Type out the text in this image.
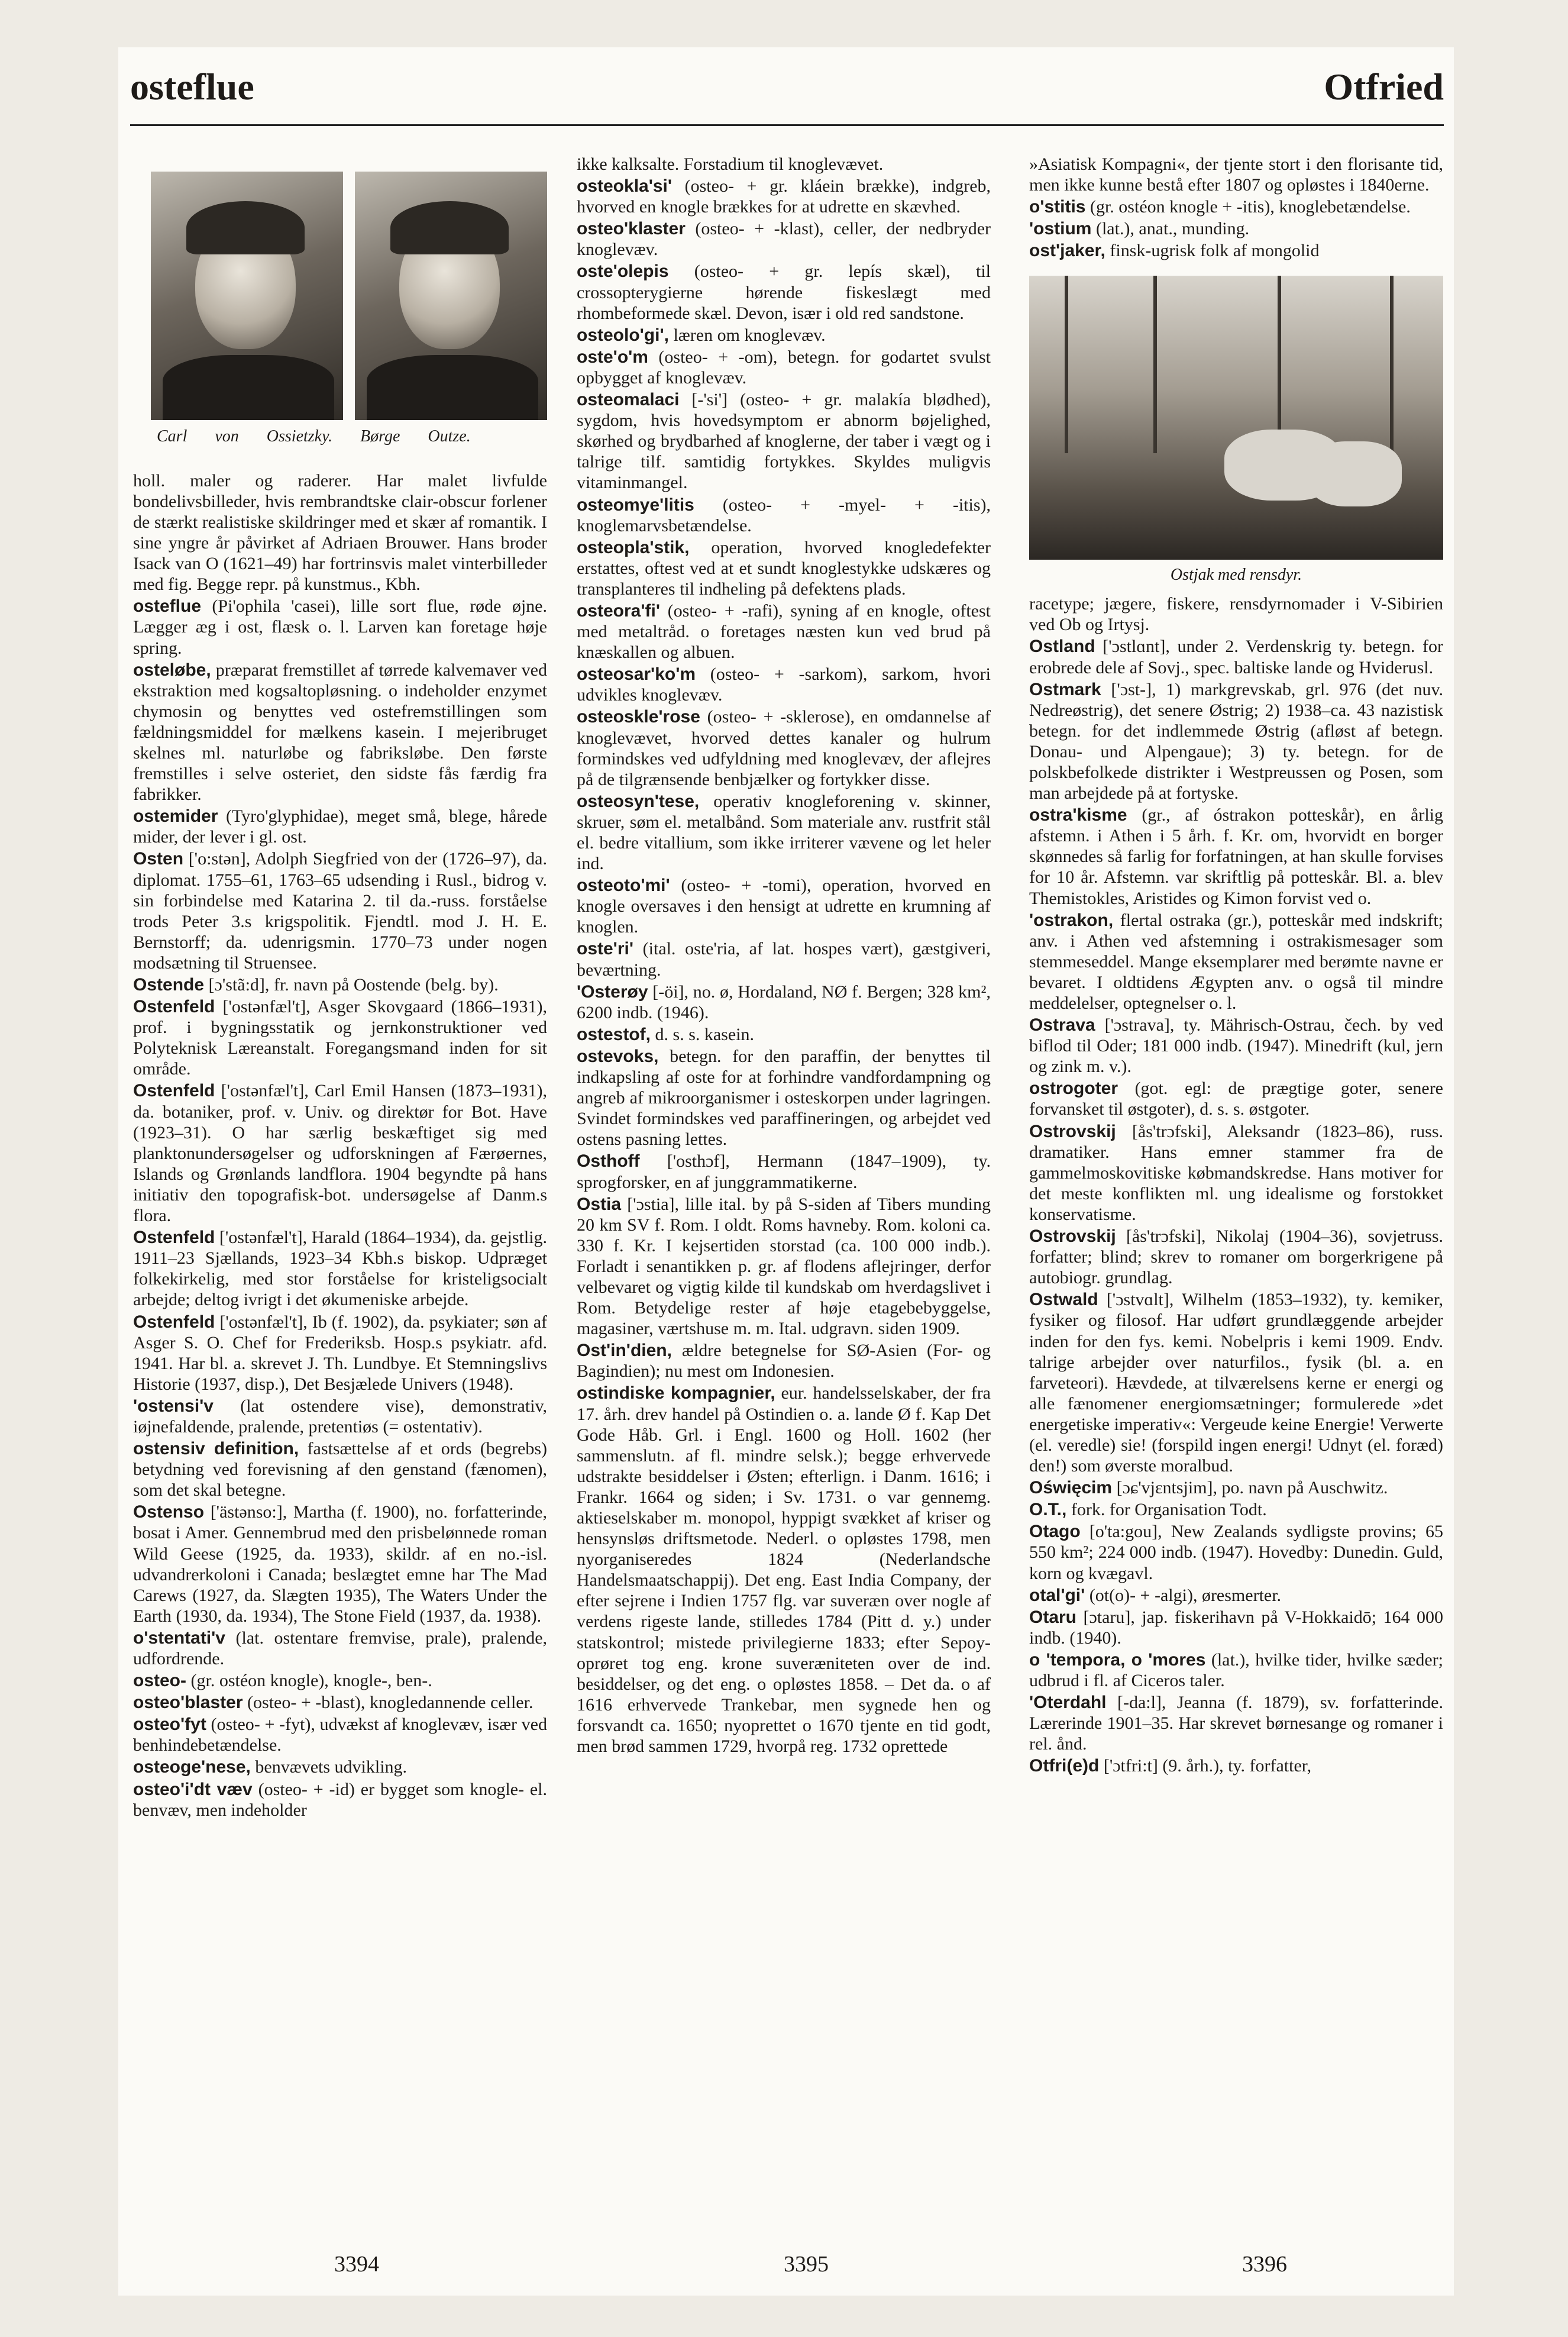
osteflue	Otfried
Carl von Ossietzky. Børge Outze.

holl. maler og raderer. Har malet livfulde bondelivsbilleder, hvis rembrandtske clair-obscur forlener de stærkt realistiske skildringer med et skær af romantik. I sine yngre år påvirket af Adriaen Brouwer. Hans broder Isack van O (1621–49) har fortrinsvis malet vinterbilleder med fig. Begge repr. på kunstmus., Kbh.

osteflue (Pi'ophila 'casei), lille sort flue, røde øjne. Lægger æg i ost, flæsk o. l. Larven kan foretage høje spring.

osteløbe, præparat fremstillet af tørrede kalvemaver ved ekstraktion med kogsaltopløsning. o indeholder enzymet chymosin og benyttes ved ostefremstillingen som fældningsmiddel for mælkens kasein. I mejeribruget skelnes ml. naturløbe og fabriksløbe. Den første fremstilles i selve osteriet, den sidste fås færdig fra fabrikker.

ostemider (Tyro'glyphidae), meget små, blege, hårede mider, der lever i gl. ost.

Osten ['o:stən], Adolph Siegfried von der (1726–97), da. diplomat. 1755–61, 1763–65 udsending i Rusl., bidrog v. sin forbindelse med Katarina 2. til da.-russ. forståelse trods Peter 3.s krigspolitik. Fjendtl. mod J. H. E. Bernstorff; da. udenrigsmin. 1770–73 under nogen modsætning til Struensee.

Ostende [ɔ'stã:d], fr. navn på Oostende (belg. by).

Ostenfeld ['ostənfæl't], Asger Skovgaard (1866–1931), prof. i bygningsstatik og jernkonstruktioner ved Polyteknisk Læreanstalt. Foregangsmand inden for sit område.

Ostenfeld ['ostənfæl't], Carl Emil Hansen (1873–1931), da. botaniker, prof. v. Univ. og direktør for Bot. Have (1923–31). O har særlig beskæftiget sig med planktonundersøgelser og udforskningen af Færøernes, Islands og Grønlands landflora. 1904 begyndte på hans initiativ den topografisk-bot. undersøgelse af Danm.s flora.

Ostenfeld ['ostənfæl't], Harald (1864–1934), da. gejstlig. 1911–23 Sjællands, 1923–34 Kbh.s biskop. Udpræget folkekirkelig, med stor forståelse for kristeligsocialt arbejde; deltog ivrigt i det økumeniske arbejde.

Ostenfeld ['ostənfæl't], Ib (f. 1902), da. psykiater; søn af Asger S. O. Chef for Frederiksb. Hosp.s psykiatr. afd. 1941. Har bl. a. skrevet J. Th. Lundbye. Et Stemningslivs Historie (1937, disp.), Det Besjælede Univers (1948).

'ostensi'v (lat ostendere vise), demonstrativ, iøjnefaldende, pralende, pretentiøs (= ostentativ).

ostensiv definition, fastsættelse af et ords (begrebs) betydning ved forevisning af den genstand (fænomen), som det skal betegne.

Ostenso ['ästənso:], Martha (f. 1900), no. forfatterinde, bosat i Amer. Gennembrud med den prisbelønnede roman Wild Geese (1925, da. 1933), skildr. af en no.-isl. udvandrerkoloni i Canada; beslægtet emne har The Mad Carews (1927, da. Slægten 1935), The Waters Under the Earth (1930, da. 1934), The Stone Field (1937, da. 1938).

o'stentati'v (lat. ostentare fremvise, prale), pralende, udfordrende.

osteo- (gr. ostéon knogle), knogle-, ben-.

osteo'blaster (osteo- + -blast), knogledannende celler.

osteo'fyt (osteo- + -fyt), udvækst af knoglevæv, især ved benhindebetændelse.

osteoge'nese, benvævets udvikling.

osteo'i'dt væv (osteo- + -id) er bygget som knogle- el. benvæv, men indeholder

ikke kalksalte. Forstadium til knoglevævet.

osteokla'si' (osteo- + gr. kláein brække), indgreb, hvorved en knogle brækkes for at udrette en skævhed.

osteo'klaster (osteo- + -klast), celler, der nedbryder knoglevæv.

oste'olepis (osteo- + gr. lepís skæl), til crossopterygierne hørende fiskeslægt med rhombeformede skæl. Devon, især i old red sandstone.

osteolo'gi', læren om knoglevæv.

oste'o'm (osteo- + -om), betegn. for godartet svulst opbygget af knoglevæv.

osteomalaci [-'si'] (osteo- + gr. malakía blødhed), sygdom, hvis hovedsymptom er abnorm bøjelighed, skørhed og brydbarhed af knoglerne, der taber i vægt og i talrige tilf. samtidig fortykkes. Skyldes muligvis vitaminmangel.

osteomye'litis (osteo- + -myel- + -itis), knoglemarvsbetændelse.

osteopla'stik, operation, hvorved knogledefekter erstattes, oftest ved at et sundt knoglestykke udskæres og transplanteres til indheling på defektens plads.

osteora'fi' (osteo- + -rafi), syning af en knogle, oftest med metaltråd. o foretages næsten kun ved brud på knæskallen og albuen.

osteosar'ko'm (osteo- + -sarkom), sarkom, hvori udvikles knoglevæv.

osteoskle'rose (osteo- + -sklerose), en omdannelse af knoglevævet, hvorved dettes kanaler og hulrum formindskes ved udfyldning med knoglevæv, der aflejres på de tilgrænsende benbjælker og fortykker disse.

osteosyn'tese, operativ knogleforening v. skinner, skruer, søm el. metalbånd. Som materiale anv. rustfrit stål el. bedre vitallium, som ikke irriterer vævene og let heler ind.

osteoto'mi' (osteo- + -tomi), operation, hvorved en knogle oversaves i den hensigt at udrette en krumning af knoglen.

oste'ri' (ital. oste'ria, af lat. hospes vært), gæstgiveri, beværtning.

'Osterøy [-öi], no. ø, Hordaland, NØ f. Bergen; 328 km², 6200 indb. (1946).

ostestof, d. s. s. kasein.

ostevoks, betegn. for den paraffin, der benyttes til indkapsling af oste for at forhindre vandfordampning og angreb af mikroorganismer i osteskorpen under lagringen. Svindet formindskes ved paraffineringen, og arbejdet ved ostens pasning lettes.

Osthoff ['osthɔf], Hermann (1847–1909), ty. sprogforsker, en af junggrammatikerne.

Ostia ['ɔstia], lille ital. by på S-siden af Tibers munding 20 km SV f. Rom. I oldt. Roms havneby. Rom. koloni ca. 330 f. Kr. I kejsertiden storstad (ca. 100 000 indb.). Forladt i senantikken p. gr. af flodens aflejringer, derfor velbevaret og vigtig kilde til kundskab om hverdagslivet i Rom. Betydelige rester af høje etagebebyggelse, magasiner, værtshuse m. m. Ital. udgravn. siden 1909.

Ost'in'dien, ældre betegnelse for SØ-Asien (For- og Bagindien); nu mest om Indonesien.

ostindiske kompagnier, eur. handelsselskaber, der fra 17. årh. drev handel på Ostindien o. a. lande Ø f. Kap Det Gode Håb. Grl. i Engl. 1600 og Holl. 1602 (her sammenslutn. af fl. mindre selsk.); begge erhvervede udstrakte besiddelser i Østen; efterlign. i Danm. 1616; i Frankr. 1664 og siden; i Sv. 1731. o var gennemg. aktieselskaber m. monopol, hyppigt svækket af kriser og hensynsløs driftsmetode. Nederl. o opløstes 1798, men nyorganiseredes 1824 (Nederlandsche Handelsmaatschappij). Det eng. East India Company, der efter sejrene i Indien 1757 flg. var suveræn over nogle af verdens rigeste lande, stilledes 1784 (Pitt d. y.) under statskontrol; mistede privilegierne 1833; efter Sepoy-oprøret tog eng. krone suveræniteten over de ind. besiddelser, og det eng. o opløstes 1858. – Det da. o af 1616 erhvervede Trankebar, men sygnede hen og forsvandt ca. 1650; nyoprettet o 1670 tjente en tid godt, men brød sammen 1729, hvorpå reg. 1732 oprettede

»Asiatisk Kompagni«, der tjente stort i den florisante tid, men ikke kunne bestå efter 1807 og opløstes i 1840erne.

o'stitis (gr. ostéon knogle + -itis), knoglebetændelse.

'ostium (lat.), anat., munding.

ost'jaker, finsk-ugrisk folk af mongolid

Ostjak med rensdyr.

racetype; jægere, fiskere, rensdyrnomader i V-Sibirien ved Ob og Irtysj.

Ostland ['ɔstlɑnt], under 2. Verdenskrig ty. betegn. for erobrede dele af Sovj., spec. baltiske lande og Hviderusl.

Ostmark ['ɔst-], 1) markgrevskab, grl. 976 (det nuv. Nedreøstrig), det senere Østrig; 2) 1938–ca. 43 nazistisk betegn. for det indlemmede Østrig (afløst af betegn. Donau- und Alpengaue); 3) ty. betegn. for de polskbefolkede distrikter i Westpreussen og Posen, som man arbejdede på at fortyske.

ostra'kisme (gr., af óstrakon potteskår), en årlig afstemn. i Athen i 5 årh. f. Kr. om, hvorvidt en borger skønnedes så farlig for forfatningen, at han skulle forvises for 10 år. Afstemn. var skriftlig på potteskår. Bl. a. blev Themistokles, Aristides og Kimon forvist ved o.

'ostrakon, flertal ostraka (gr.), potteskår med indskrift; anv. i Athen ved afstemning i ostrakismesager som stemmeseddel. Mange eksemplarer med berømte navne er bevaret. I oldtidens Ægypten anv. o også til mindre meddelelser, optegnelser o. l.

Ostrava ['ɔstrava], ty. Mährisch-Ostrau, čech. by ved biflod til Oder; 181 000 indb. (1947). Minedrift (kul, jern og zink m. v.).

ostrogoter (got. egl: de prægtige goter, senere forvansket til østgoter), d. s. s. østgoter.

Ostrovskij [ås'trɔfski], Aleksandr (1823–86), russ. dramatiker. Hans emner stammer fra de gammelmoskovitiske købmandskredse. Hans motiver for det meste konflikten ml. ung idealisme og forstokket konservatisme.

Ostrovskij [ås'trɔfski], Nikolaj (1904–36), sovjetruss. forfatter; blind; skrev to romaner om borgerkrigene på autobiogr. grundlag.

Ostwald ['ɔstvɑlt], Wilhelm (1853–1932), ty. kemiker, fysiker og filosof. Har udført grundlæggende arbejder inden for den fys. kemi. Nobelpris i kemi 1909. Endv. talrige arbejder over naturfilos., fysik (bl. a. en farveteori). Hævdede, at tilværelsens kerne er energi og alle fænomener energiomsætninger; formulerede »det energetiske imperativ«: Vergeude keine Energie! Verwerte (el. veredle) sie! (forspild ingen energi! Udnyt (el. foræd) den!) som øverste moralbud.

Oświęcim [ɔɕ'vjɛntsjim], po. navn på Auschwitz.

O.T., fork. for Organisation Todt.

Otago [o'ta:gou], New Zealands sydligste provins; 65 550 km²; 224 000 indb. (1947). Hovedby: Dunedin. Guld, korn og kvægavl.

otal'gi' (ot(o)- + -algi), øresmerter.

Otaru [ɔtaru], jap. fiskerihavn på V-Hokkaidō; 164 000 indb. (1940).

o 'tempora, o 'mores (lat.), hvilke tider, hvilke sæder; udbrud i fl. af Ciceros taler.

'Oterdahl [-da:l], Jeanna (f. 1879), sv. forfatterinde. Lærerinde 1901–35. Har skrevet børnesange og romaner i rel. ånd.

Otfri(e)d ['ɔtfri:t] (9. årh.), ty. forfatter,

3394	3395	3396
